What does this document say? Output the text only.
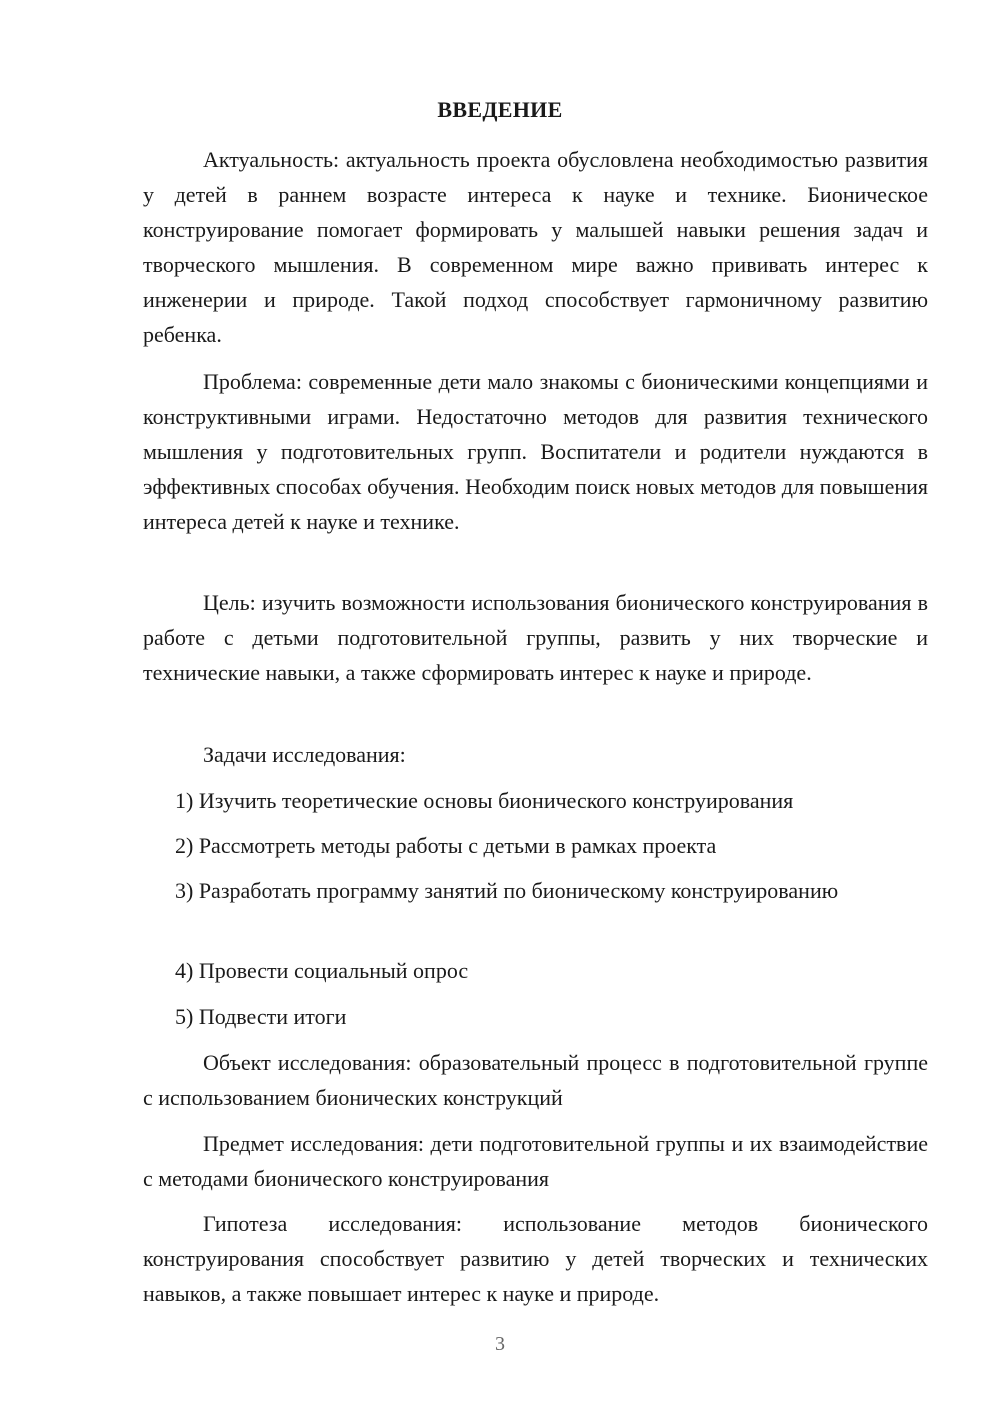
ВВЕДЕНИЕ

Актуальность: актуальность проекта обусловлена необходимостью развития у детей в раннем возрасте интереса к науке и технике. Бионическое конструирование помогает формировать у малышей навыки решения задач и творческого мышления. В современном мире важно прививать интерес к инженерии и природе. Такой подход способствует гармоничному развитию ребенка.

Проблема: современные дети мало знакомы с бионическими концепциями и конструктивными играми. Недостаточно методов для развития технического мышления у подготовительных групп. Воспитатели и родители нуждаются в эффективных способах обучения. Необходим поиск новых методов для повышения интереса детей к науке и технике.

Цель: изучить возможности использования бионического конструирования в работе с детьми подготовительной группы, развить у них творческие и технические навыки, а также сформировать интерес к науке и природе.

Задачи исследования:

1) Изучить теоретические основы бионического конструирования

2) Рассмотреть методы работы с детьми в рамках проекта

3) Разработать программу занятий по бионическому конструированию

4) Провести социальный опрос

5) Подвести итоги

Объект исследования: образовательный процесс в подготовительной группе с использованием бионических конструкций

Предмет исследования: дети подготовительной группы и их взаимодействие с методами бионического конструирования

Гипотеза исследования: использование методов бионического конструирования способствует развитию у детей творческих и технических навыков, а также повышает интерес к науке и природе.

3
